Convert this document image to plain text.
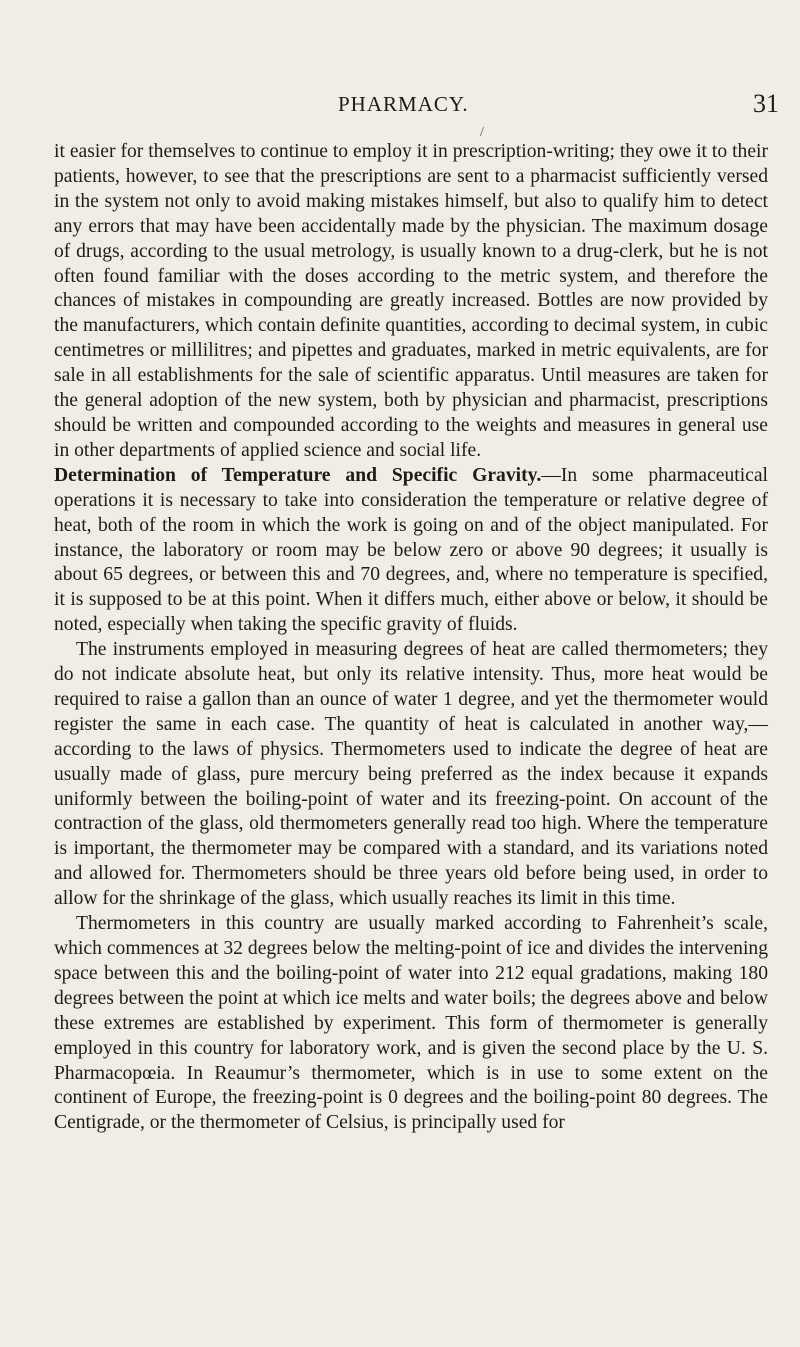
PHARMACY.	31
/

it easier for themselves to continue to employ it in prescription-writing; they owe it to their patients, however, to see that the prescriptions are sent to a pharmacist sufficiently versed in the system not only to avoid making mistakes himself, but also to qualify him to detect any errors that may have been accidentally made by the physician. The maximum dosage of drugs, according to the usual metrology, is usually known to a drug-clerk, but he is not often found familiar with the doses according to the metric system, and therefore the chances of mistakes in compounding are greatly increased. Bottles are now provided by the manufacturers, which contain definite quantities, according to decimal system, in cubic centimetres or millilitres; and pipettes and graduates, marked in metric equivalents, are for sale in all establishments for the sale of scientific apparatus. Until measures are taken for the general adoption of the new system, both by physician and pharmacist, prescriptions should be written and compounded according to the weights and measures in general use in other departments of applied science and social life.

Determination of Temperature and Specific Gravity.—In some pharmaceutical operations it is necessary to take into consideration the temperature or relative degree of heat, both of the room in which the work is going on and of the object manipulated. For instance, the laboratory or room may be below zero or above 90 degrees; it usually is about 65 degrees, or between this and 70 degrees, and, where no temperature is specified, it is supposed to be at this point. When it differs much, either above or below, it should be noted, especially when taking the specific gravity of fluids.

The instruments employed in measuring degrees of heat are called thermometers; they do not indicate absolute heat, but only its relative intensity. Thus, more heat would be required to raise a gallon than an ounce of water 1 degree, and yet the thermometer would register the same in each case. The quantity of heat is calculated in another way,—according to the laws of physics. Thermometers used to indicate the degree of heat are usually made of glass, pure mercury being preferred as the index because it expands uniformly between the boiling-point of water and its freezing-point. On account of the contraction of the glass, old thermometers generally read too high. Where the temperature is important, the thermometer may be compared with a standard, and its variations noted and allowed for. Thermometers should be three years old before being used, in order to allow for the shrinkage of the glass, which usually reaches its limit in this time.

Thermometers in this country are usually marked according to Fahrenheit’s scale, which commences at 32 degrees below the melting-point of ice and divides the intervening space between this and the boiling-point of water into 212 equal gradations, making 180 degrees between the point at which ice melts and water boils; the degrees above and below these extremes are established by experiment. This form of thermometer is generally employed in this country for laboratory work, and is given the second place by the U. S. Pharmacopœia. In Reaumur’s thermometer, which is in use to some extent on the continent of Europe, the freezing-point is 0 degrees and the boiling-point 80 degrees. The Centigrade, or the thermometer of Celsius, is principally used for
